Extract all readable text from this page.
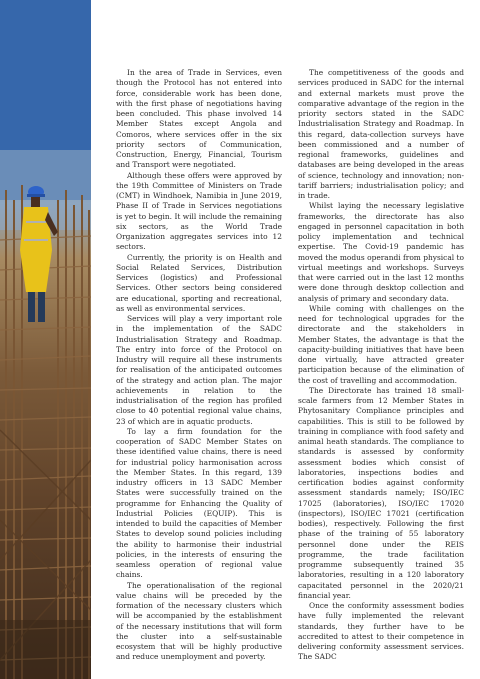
In the area of Trade in Services, even though the Protocol has not entered into force, considerable work has been done, with the first phase of negotiations having been concluded. This phase involved 14 Member States except Angola and Comoros, where services offer in the six priority sectors of Communication, Construction, Energy, Financial, Tourism and Transport were negotiated.

Although these offers were approved by the 19th Committee of Ministers on Trade (CMT) in Windhoek, Namibia in June 2019, Phase II of Trade in Services negotiations is yet to begin. It will include the remaining six sectors, as the World Trade Organization aggregates services into 12 sectors.

Currently, the priority is on Health and Social Related Services, Distribution Services (logistics) and Professional Services. Other sectors being considered are educational, sporting and recreational, as well as environmental services.

Services will play a very important role in the implementation of the SADC Industrialisation Strategy and Roadmap. The entry into force of the Protocol on Industry will require all these instruments for realisation of the anticipated outcomes of the strategy and action plan. The major achievements in relation to the industrialisation of the region has profiled close to 40 potential regional value chains, 23 of which are in aquatic products.

To lay a firm foundation for the cooperation of SADC Member States on these identified value chains, there is need for industrial policy harmonisation across the Member States. In this regard, 139 industry officers in 13 SADC Member States were successfully trained on the programme for Enhancing the Quality of Industrial Policies (EQUIP). This is intended to build the capacities of Member States to develop sound policies including the ability to harmonise their industrial policies, in the interests of ensuring the seamless operation of regional value chains.

The operationalisation of the regional value chains will be preceded by the formation of the necessary clusters which will be accompanied by the establishment of the necessary institutions that will form the cluster into a self-sustainable ecosystem that will be highly productive and reduce unemployment and poverty.

The competitiveness of the goods and services produced in SADC for the internal and external markets must prove the comparative advantage of the region in the priority sectors stated in the SADC Industrialisation Strategy and Roadmap. In this regard, data-collection surveys have been commissioned and a number of regional frameworks, guidelines and databases are being developed in the areas of science, technology and innovation; non-tariff barriers; industrialisation policy; and in trade.

Whilst laying the necessary legislative frameworks, the directorate has also engaged in personnel capacitation in both policy implementation and technical expertise. The Covid-19 pandemic has moved the modus operandi from physical to virtual meetings and workshops. Surveys that were carried out in the last 12 months were done through desktop collection and analysis of primary and secondary data.

While coming with challenges on the need for technological upgrades for the directorate and the stakeholders in Member States, the advantage is that the capacity-building initiatives that have been done virtually, have attracted greater participation because of the elimination of the cost of travelling and accommodation.

The Directorate has trained 18 small-scale farmers from 12 Member States in Phytosanitary Compliance principles and capabilities. This is still to be followed by training in compliance with food safety and animal heath standards. The compliance to standards is assessed by conformity assessment bodies which consist of laboratories, inspections bodies and certification bodies against conformity assessment standards namely; ISO/IEC 17025 (laboratories), ISO/IEC 17020 (inspectors), ISO/IEC 17021 (certification bodies), respectively. Following the first phase of the training of 55 laboratory personnel done under the REIS programme, the trade facilitation programme subsequently trained 35 laboratories, resulting in a 120 laboratory capacitated personnel in the 2020/21 financial year.

Once the conformity assessment bodies have fully implemented the relevant standards, they further have to be accredited to attest to their competence in delivering conformity assessment services. The SADC
